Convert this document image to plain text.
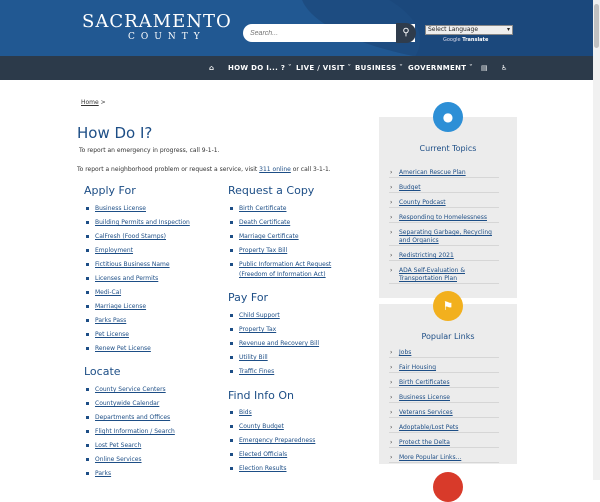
SACRAMENTO
COUNTY
Search...	⚲	Select Language	▾
Google Translate
⌂ HOW DO I... ? ˇ LIVE / VISIT ˇ BUSINESS ˇ GOVERNMENT ˇ ▤ ♿
Home >
How Do I?
To report an emergency in progress, call 9-1-1.
To report a neighborhood problem or request a service, visit 311 online or call 3-1-1.
Apply For
Business License
Building Permits and Inspection
CalFresh (Food Stamps)
Employment
Fictitious Business Name
Licenses and Permits
Medi-Cal
Marriage License
Parks Pass
Pet License
Renew Pet License
Locate
County Service Centers
Countywide Calendar
Departments and Offices
Flight Information / Search
Lost Pet Search
Online Services
Parks
Request a Copy
Birth Certificate
Death Certificate
Marriage Certificate
Property Tax Bill
Public Information Act Request (Freedom of Information Act)
Pay For
Child Support
Property Tax
Revenue and Recovery Bill
Utility Bill
Traffic Fines
Find Info On
Bids
County Budget
Emergency Preparedness
Elected Officials
Election Results
●
Current Topics
› American Rescue Plan
› Budget
› County Podcast
› Responding to Homelessness
› Separating Garbage, Recycling and Organics
› Redistricting 2021
› ADA Self-Evaluation & Transportation Plan
⚑
Popular Links
› Jobs
› Fair Housing
› Birth Certificates
› Business License
› Veterans Services
› Adoptable/Lost Pets
› Protect the Delta
› More Popular Links...
